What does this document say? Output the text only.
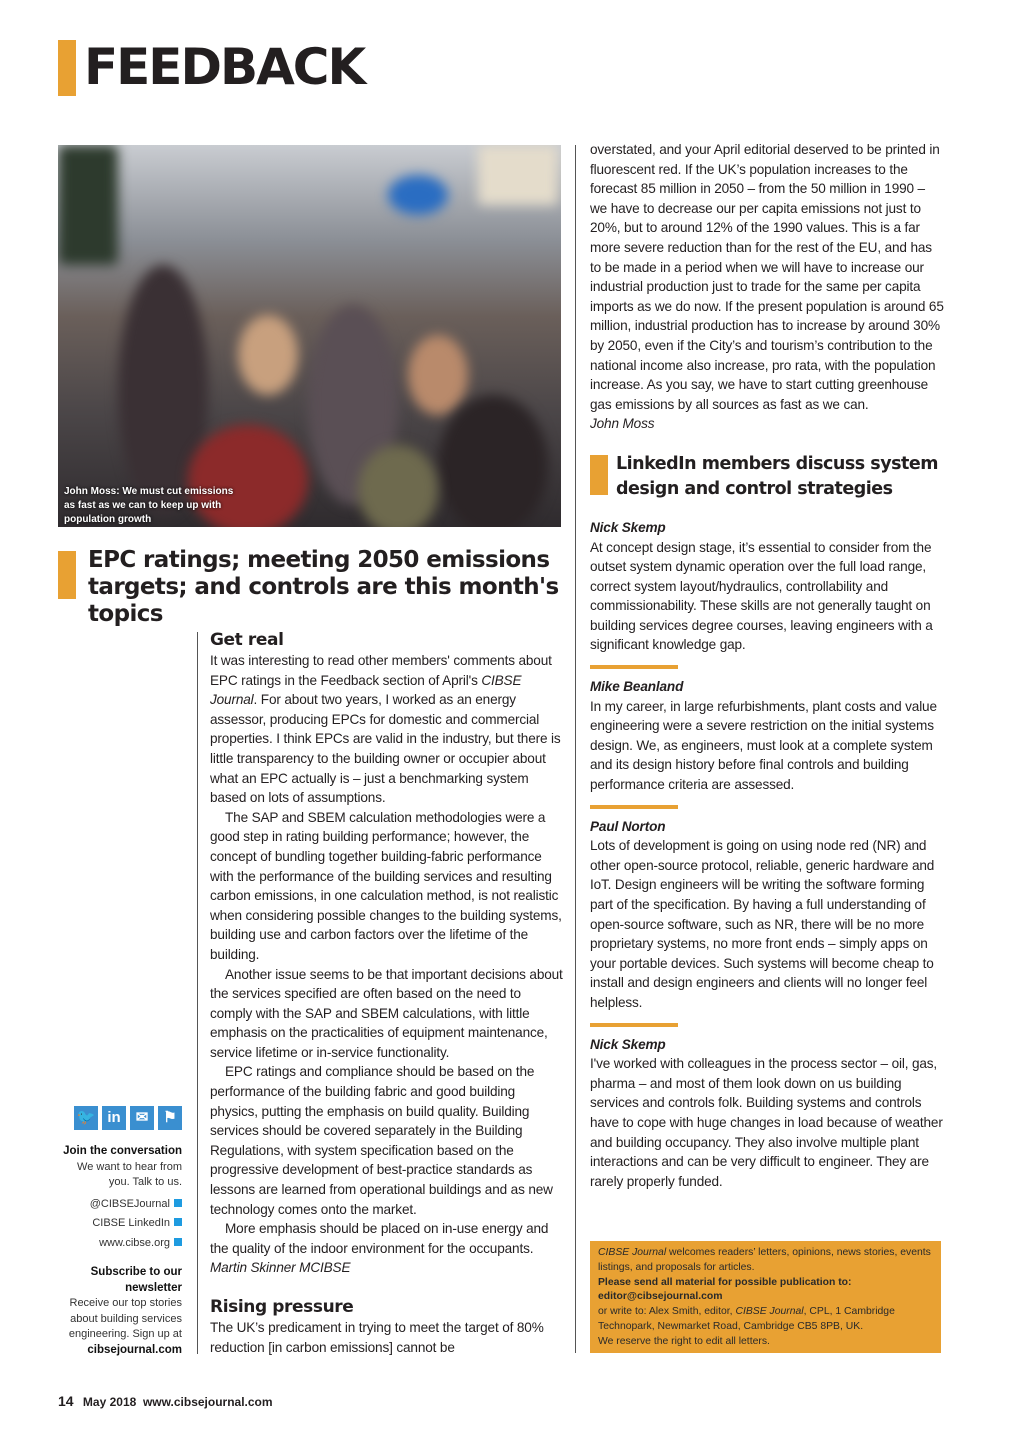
FEEDBACK
John Moss: We must cut emissions as fast as we can to keep up with population growth
EPC ratings; meeting 2050 emissions targets; and controls are this month's topics
Get real

It was interesting to read other members' comments about EPC ratings in the Feedback section of April's CIBSE Journal. For about two years, I worked as an energy assessor, producing EPCs for domestic and commercial properties. I think EPCs are valid in the industry, but there is little transparency to the building owner or occupier about what an EPC actually is – just a benchmarking system based on lots of assumptions.

The SAP and SBEM calculation methodologies were a good step in rating building performance; however, the concept of bundling together building-fabric performance with the performance of the building services and resulting carbon emissions, in one calculation method, is not realistic when considering possible changes to the building systems, building use and carbon factors over the lifetime of the building.

Another issue seems to be that important decisions about the services specified are often based on the need to comply with the SAP and SBEM calculations, with little emphasis on the practicalities of equipment maintenance, service lifetime or in-service functionality.

EPC ratings and compliance should be based on the performance of the building fabric and good building physics, putting the emphasis on build quality. Building services should be covered separately in the Building Regulations, with system specification based on the progressive development of best-practice standards as lessons are learned from operational buildings and as new technology comes onto the market.

More emphasis should be placed on in-use energy and the quality of the indoor environment for the occupants.

Martin Skinner MCIBSE
Rising pressure

The UK’s predicament in trying to meet the target of 80% reduction [in carbon emissions] cannot be

overstated, and your April editorial deserved to be printed in fluorescent red. If the UK’s population increases to the forecast 85 million in 2050 – from the 50 million in 1990 – we have to decrease our per capita emissions not just to 20%, but to around 12% of the 1990 values. This is a far more severe reduction than for the rest of the EU, and has to be made in a period when we will have to increase our industrial production just to trade for the same per capita imports as we do now. If the present population is around 65 million, industrial production has to increase by around 30% by 2050, even if the City’s and tourism’s contribution to the national income also increase, pro rata, with the population increase. As you say, we have to start cutting greenhouse gas emissions by all sources as fast as we can.

John Moss
LinkedIn members discuss system design and control strategies
Nick Skemp

At concept design stage, it’s essential to consider from the outset system dynamic operation over the full load range, correct system layout/hydraulics, controllability and commissionability. These skills are not generally taught on building services degree courses, leaving engineers with a significant knowledge gap.

Mike Beanland

In my career, in large refurbishments, plant costs and value engineering were a severe restriction on the initial systems design. We, as engineers, must look at a complete system and its design history before final controls and building performance criteria are assessed.

Paul Norton

Lots of development is going on using node red (NR) and other open-source protocol, reliable, generic hardware and IoT. Design engineers will be writing the software forming part of the specification. By having a full understanding of open-source software, such as NR, there will be no more proprietary systems, no more front ends – simply apps on your portable devices. Such systems will become cheap to install and design engineers and clients will no longer feel helpless.

Nick Skemp

I've worked with colleagues in the process sector – oil, gas, pharma – and most of them look down on us building services and controls folk. Building systems and controls have to cope with huge changes in load because of weather and building occupancy. They also involve multiple plant interactions and can be very difficult to engineer. They are rarely properly funded.

🐦 in	✉ ⚑
Join the conversation
We want to hear from you. Talk to us.
@CIBSEJournal
CIBSE LinkedIn
www.cibse.org
Subscribe to our newsletter
Receive our top stories about building services engineering. Sign up at
cibsejournal.com
CIBSE Journal welcomes readers’ letters, opinions, news stories, events listings, and proposals for articles.
Please send all material for possible publication to:
editor@cibsejournal.com
or write to: Alex Smith, editor, CIBSE Journal, CPL, 1 Cambridge Technopark, Newmarket Road, Cambridge CB5 8PB, UK.
We reserve the right to edit all letters.
14 May 2018 www.cibsejournal.com
